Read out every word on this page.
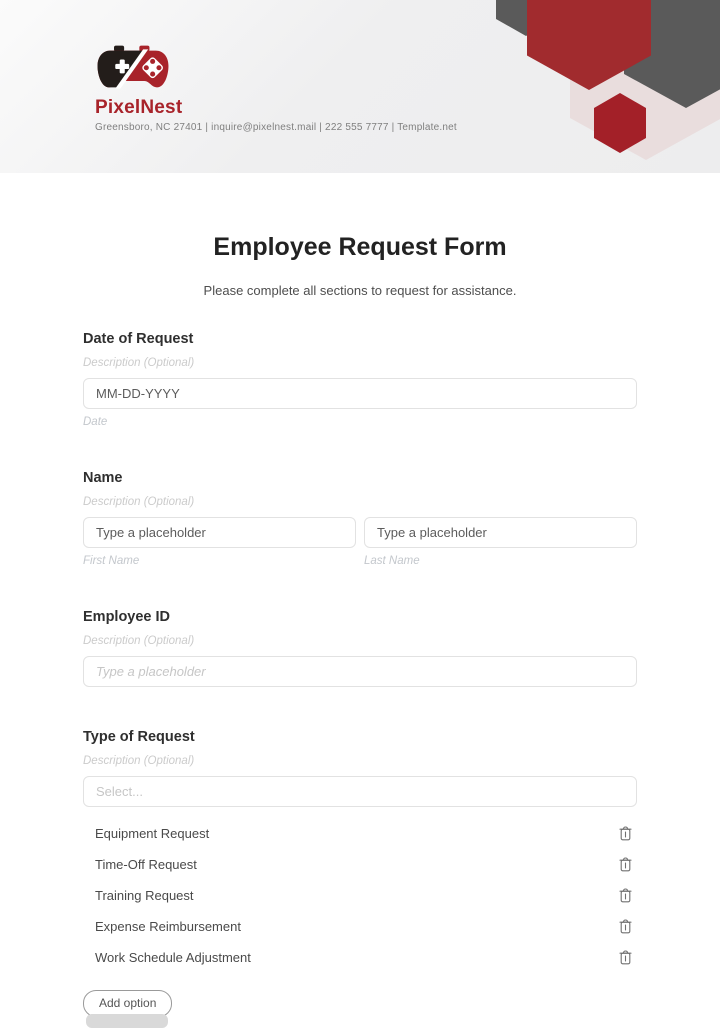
PixelNest
Greensboro, NC 27401 | inquire@pixelnest.mail | 222 555 7777 | Template.net
Employee Request Form
Please complete all sections to request for assistance.
Date of Request
Description (Optional)
MM-DD-YYYY
Date
Name
Description (Optional)
Type a placeholder
First Name
Type a placeholder	Last Name
Employee ID
Description (Optional)
Type a placeholder
Type of Request
Description (Optional)
Select...
Equipment Request
Time-Off Request
Training Request
Expense Reimbursement
Work Schedule Adjustment
Add option
